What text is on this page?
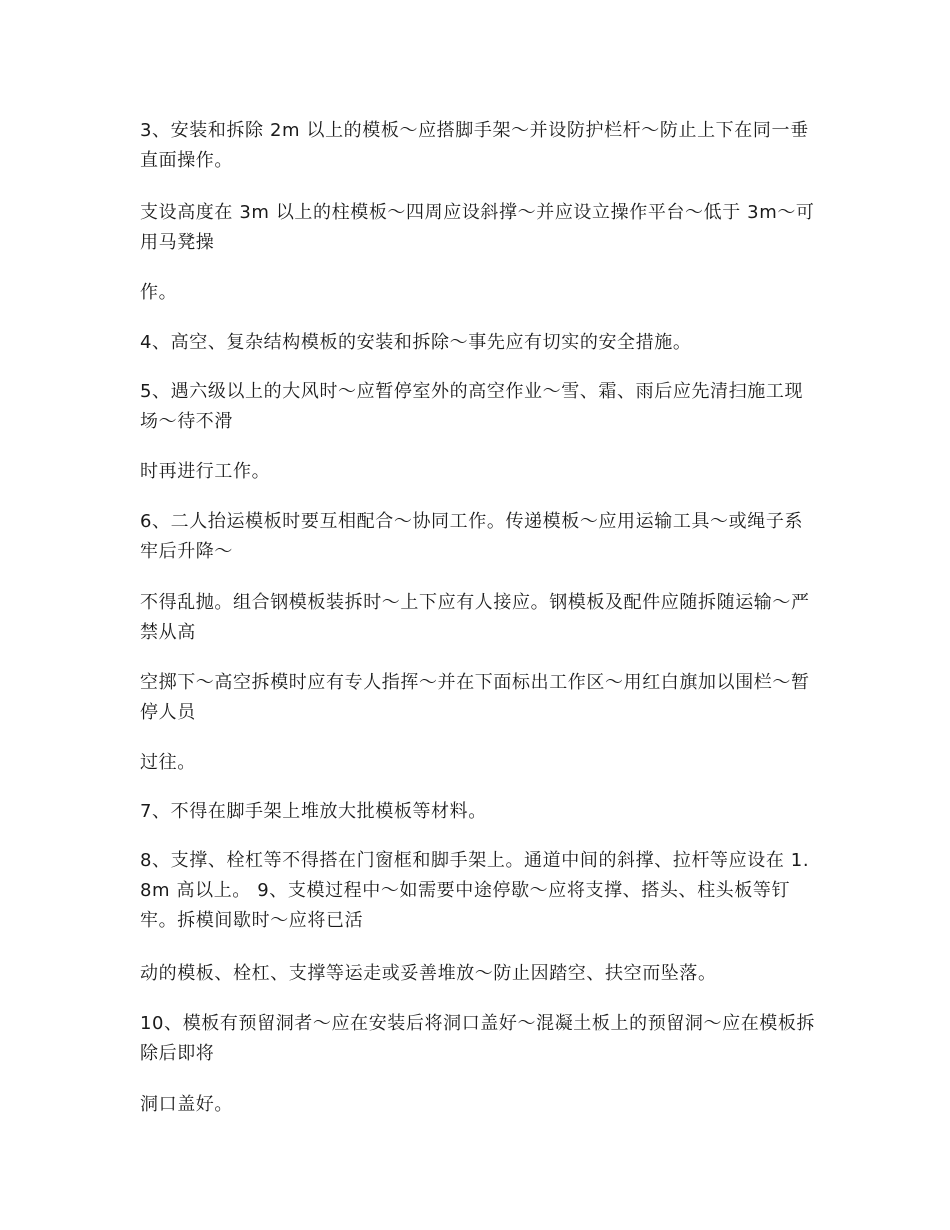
3、安装和拆除 2m 以上的模板～应搭脚手架～并设防护栏杆～防止上下在同一垂直面操作。

支设高度在 3m 以上的柱模板～四周应设斜撑～并应设立操作平台～低于 3m～可用马凳操

作。

4、高空、复杂结构模板的安装和拆除～事先应有切实的安全措施。

5、遇六级以上的大风时～应暂停室外的高空作业～雪、霜、雨后应先清扫施工现场～待不滑

时再进行工作。

6、二人抬运模板时要互相配合～协同工作。传递模板～应用运输工具～或绳子系牢后升降～

不得乱抛。组合钢模板装拆时～上下应有人接应。钢模板及配件应随拆随运输～严禁从高

空掷下～高空拆模时应有专人指挥～并在下面标出工作区～用红白旗加以围栏～暂停人员

过往。

7、不得在脚手架上堆放大批模板等材料。

8、支撑、栓杠等不得搭在门窗框和脚手架上。通道中间的斜撑、拉杆等应设在 1.8m 高以上。 9、支模过程中～如需要中途停歇～应将支撑、搭头、柱头板等钉牢。拆模间歇时～应将已活

动的模板、栓杠、支撑等运走或妥善堆放～防止因踏空、扶空而坠落。

10、模板有预留洞者～应在安装后将洞口盖好～混凝土板上的预留洞～应在模板拆除后即将

洞口盖好。
